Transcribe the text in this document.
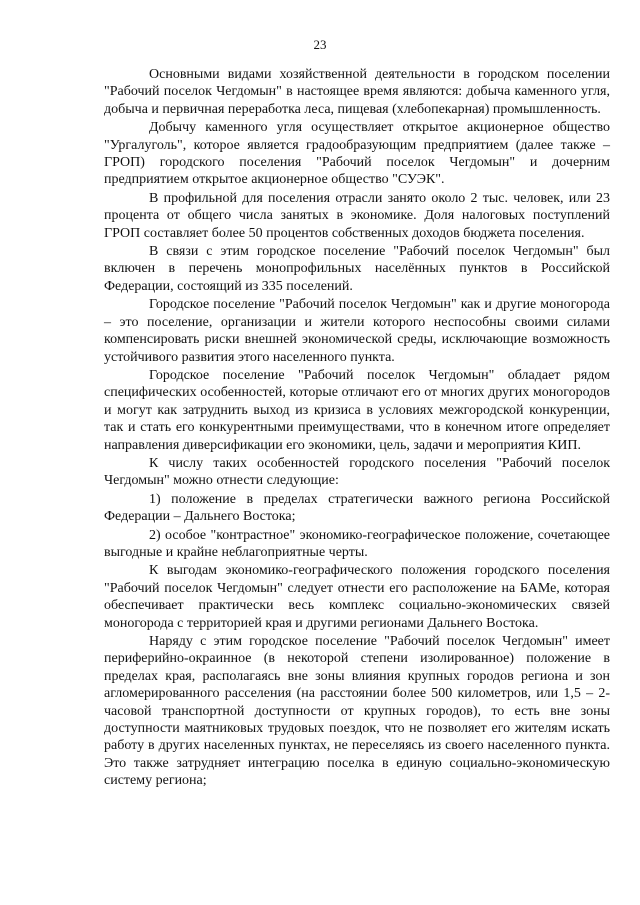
23

Основными видами хозяйственной деятельности в городском поселении "Рабочий поселок Чегдомын" в настоящее время являются: добыча каменного угля, добыча и первичная переработка леса, пищевая (хлебопекарная) промышленность.

Добычу каменного угля осуществляет открытое акционерное общество "Ургалуголь", которое является градообразующим предприятием (далее также – ГРОП) городского поселения "Рабочий поселок Чегдомын" и дочерним предприятием открытое акционерное общество "СУЭК".

В профильной для поселения отрасли занято около 2 тыс. человек, или 23 процента от общего числа занятых в экономике. Доля налоговых поступлений ГРОП составляет более 50 процентов собственных доходов бюджета поселения.

В связи с этим городское поселение "Рабочий поселок Чегдомын" был включен в перечень монопрофильных населённых пунктов в Российской Федерации, состоящий из 335 поселений.

Городское поселение "Рабочий поселок Чегдомын" как и другие моногорода – это поселение, организации и жители которого неспособны своими силами компенсировать риски внешней экономической среды, исключающие возможность устойчивого развития этого населенного пункта.

Городское поселение "Рабочий поселок Чегдомын" обладает рядом специфических особенностей, которые отличают его от многих других моногородов и могут как затруднить выход из кризиса в условиях межгородской конкуренции, так и стать его конкурентными преимуществами, что в конечном итоге определяет направления диверсификации его экономики, цель, задачи и мероприятия КИП.

К числу таких особенностей городского поселения "Рабочий поселок Чегдомын" можно отнести следующие:

1) положение в пределах стратегически важного региона Российской Федерации – Дальнего Востока;

2) особое "контрастное" экономико-географическое положение, сочетающее выгодные и крайне неблагоприятные черты.

К выгодам экономико-географического положения городского поселения "Рабочий поселок Чегдомын" следует отнести его расположение на БАМе, которая обеспечивает практически весь комплекс социально-экономических связей моногорода с территорией края и другими регионами Дальнего Востока.

Наряду с этим городское поселение "Рабочий поселок Чегдомын" имеет периферийно-окраинное (в некоторой степени изолированное) положение в пределах края, располагаясь вне зоны влияния крупных городов региона и зон агломерированного расселения (на расстоянии более 500 километров, или 1,5 – 2-часовой транспортной доступности от крупных городов), то есть вне зоны доступности маятниковых трудовых поездок, что не позволяет его жителям искать работу в других населенных пунктах, не переселяясь из своего населенного пункта. Это также затрудняет интеграцию поселка в единую социально-экономическую систему региона;
